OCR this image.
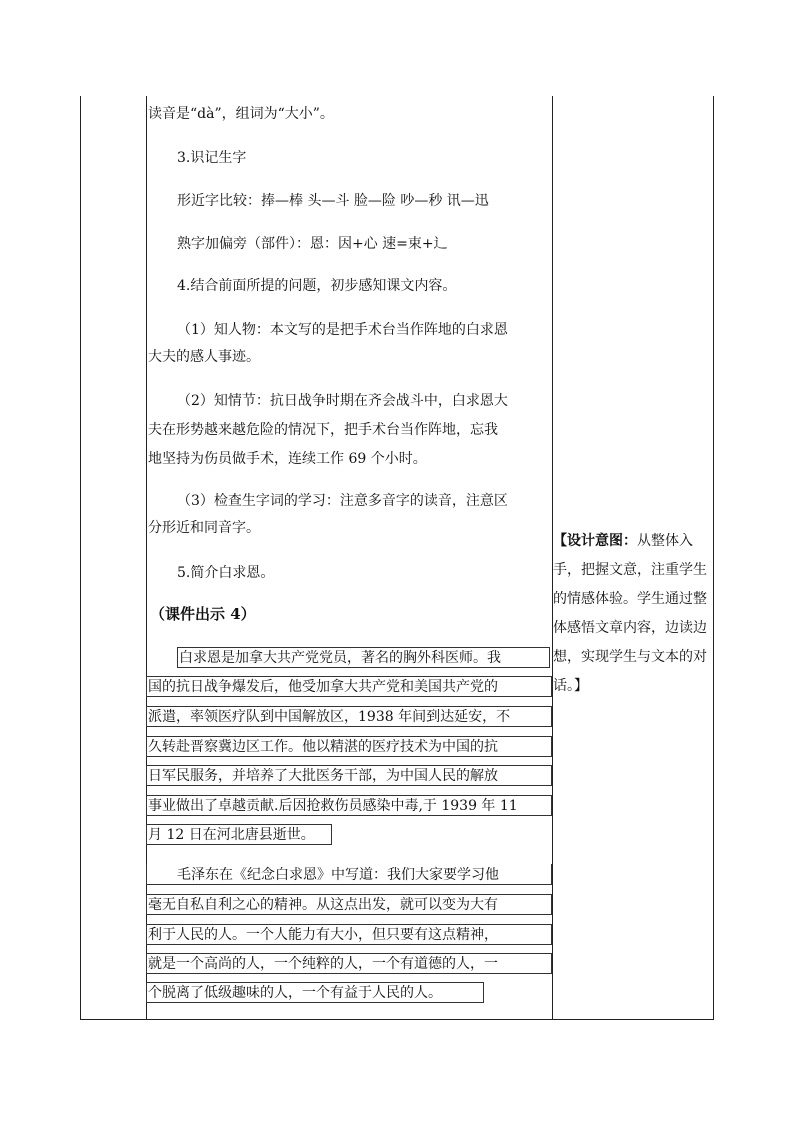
读音是“dà”，组词为“大小”。
3.识记生字
形近字比较：捧—棒 头—斗 脸—险 吵—秒 讯—迅
熟字加偏旁（部件）：恩：因+心 速=束+辶
4.结合前面所提的问题，初步感知课文内容。
（1）知人物：本文写的是把手术台当作阵地的白求恩
大夫的感人事迹。
（2）知情节：抗日战争时期在齐会战斗中，白求恩大
夫在形势越来越危险的情况下，把手术台当作阵地，忘我
地坚持为伤员做手术，连续工作 69 个小时。
（3）检查生字词的学习：注意多音字的读音，注意区
分形近和同音字。
5.简介白求恩。
（课件出示 4）
白求恩是加拿大共产党党员，著名的胸外科医师。我
国的抗日战争爆发后，他受加拿大共产党和美国共产党的
派遣，率领医疗队到中国解放区，1938 年间到达延安，不
久转赴晋察冀边区工作。他以精湛的医疗技术为中国的抗
日军民服务，并培养了大批医务干部，为中国人民的解放
事业做出了卓越贡献.后因抢救伤员感染中毒,于 1939 年 11
月 12 日在河北唐县逝世。
毛泽东在《纪念白求恩》中写道：我们大家要学习他
毫无自私自利之心的精神。从这点出发，就可以变为大有
利于人民的人。一个人能力有大小，但只要有这点精神，
就是一个高尚的人，一个纯粹的人，一个有道德的人，一
个脱离了低级趣味的人，一个有益于人民的人。
【设计意图：从整体入手，把握文意，注重学生的情感体验。学生通过整体感悟文章内容，边读边想，实现学生与文本的对话。】
